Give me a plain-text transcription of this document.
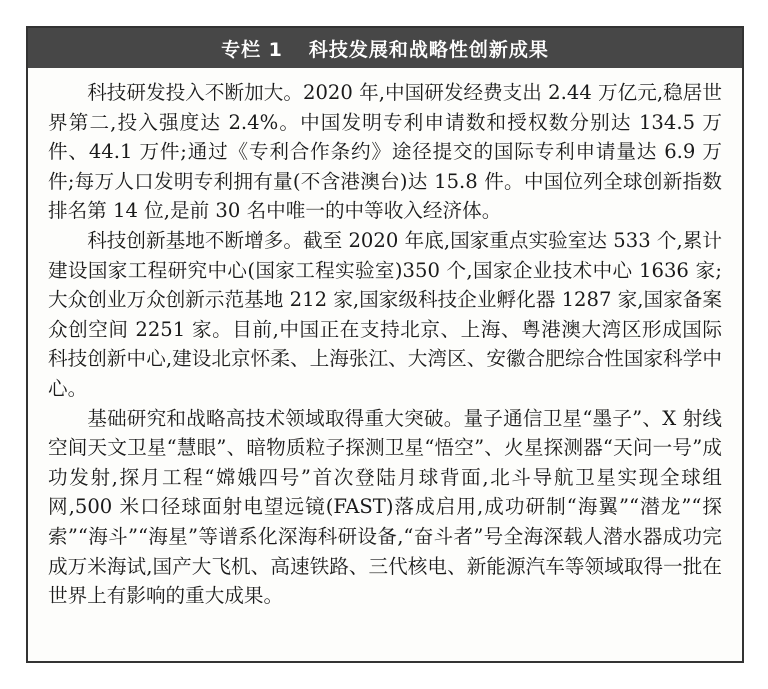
专栏 1 科技发展和战略性创新成果

科技研发投入不断加大。2020 年,中国研发经费支出 2.44 万亿元,稳居世界第二,投入强度达 2.4%。中国发明专利申请数和授权数分别达 134.5 万件、44.1 万件;通过《专利合作条约》途径提交的国际专利申请量达 6.9 万件;每万人口发明专利拥有量(不含港澳台)达 15.8 件。中国位列全球创新指数排名第 14 位,是前 30 名中唯一的中等收入经济体。

科技创新基地不断增多。截至 2020 年底,国家重点实验室达 533 个,累计建设国家工程研究中心(国家工程实验室)350 个,国家企业技术中心 1636 家;大众创业万众创新示范基地 212 家,国家级科技企业孵化器 1287 家,国家备案众创空间 2251 家。目前,中国正在支持北京、上海、粤港澳大湾区形成国际科技创新中心,建设北京怀柔、上海张江、大湾区、安徽合肥综合性国家科学中心。

基础研究和战略高技术领域取得重大突破。量子通信卫星“墨子”、X 射线空间天文卫星“慧眼”、暗物质粒子探测卫星“悟空”、火星探测器“天问一号”成功发射,探月工程“嫦娥四号”首次登陆月球背面,北斗导航卫星实现全球组网,500 米口径球面射电望远镜(FAST)落成启用,成功研制“海翼”“潜龙”“探索”“海斗”“海星”等谱系化深海科研设备,“奋斗者”号全海深载人潜水器成功完成万米海试,国产大飞机、高速铁路、三代核电、新能源汽车等领域取得一批在世界上有影响的重大成果。
